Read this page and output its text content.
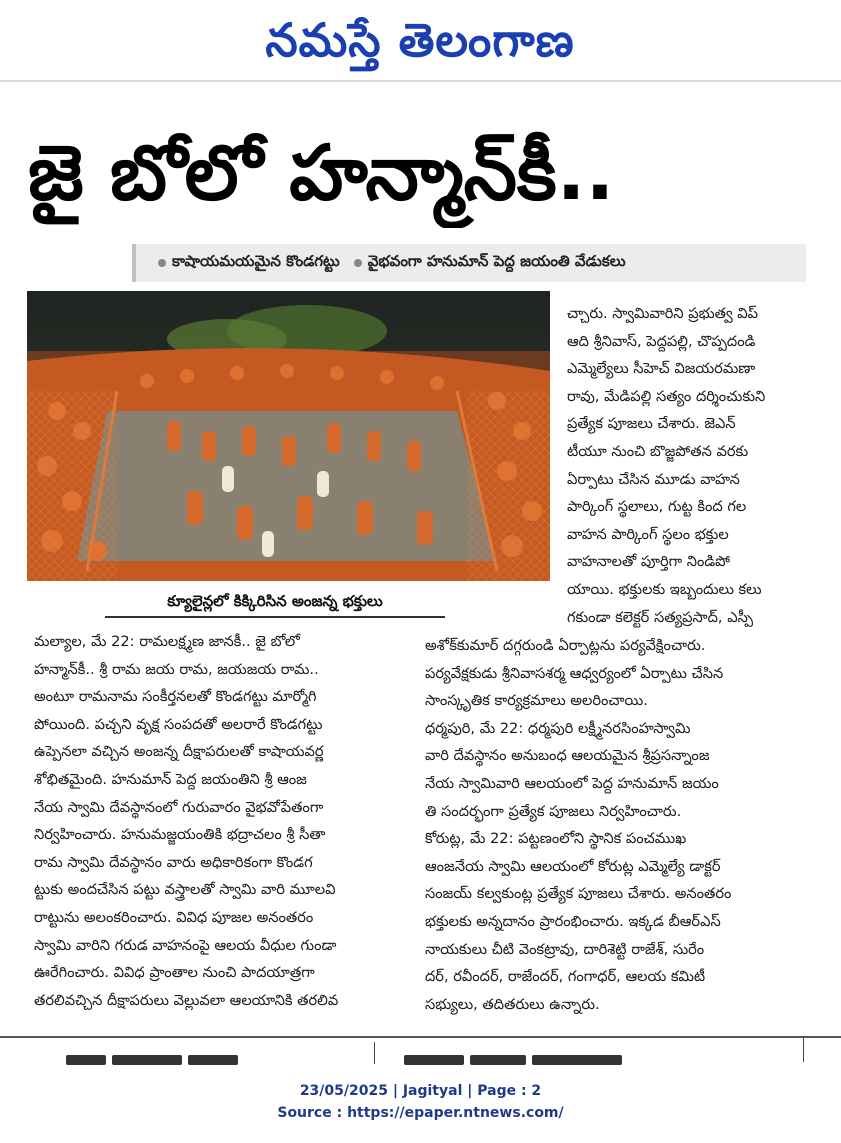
నమస్తే తెలంగాణ
జై బోలో హన్మాన్‌కీ..
కాషాయమయమైన కొండగట్టు వైభవంగా హనుమాన్ పెద్ద జయంతి వేడుకలు
క్యూలైన్లలో కిక్కిరిసిన అంజన్న భక్తులు
చ్చారు. స్వామివారిని ప్రభుత్వ విప్
ఆది శ్రీనివాస్, పెద్దపల్లి, చొప్పదండి
ఎమ్మెల్యేలు సీహెచ్ విజయరమణా
రావు, మేడిపల్లి సత్యం దర్శించుకుని
ప్రత్యేక పూజలు చేశారు. జెఎన్
టీయూ నుంచి బొజ్జపోతన వరకు
ఏర్పాటు చేసిన మూడు వాహన
పార్కింగ్ స్థలాలు, గుట్ట కింద గల
వాహన పార్కింగ్ స్థలం భక్తుల
వాహనాలతో పూర్తిగా నిండిపో
యాయి. భక్తులకు ఇబ్బందులు కలు
గకుండా కలెక్టర్ సత్యప్రసాద్, ఎస్పీ
మల్యాల, మే 22: రామలక్ష్మణ జానకీ.. జై బోలో
హన్మాన్‌కీ.. శ్రీ రామ జయ రామ, జయజయ రామ..
అంటూ రామనామ సంకీర్తనలతో కొండగట్టు మార్మోగి
పోయింది. పచ్చని వృక్ష సంపదతో అలరారే కొండగట్టు
ఉప్పెనలా వచ్చిన అంజన్న దీక్షాపరులతో కాషాయవర్ణ
శోభితమైంది. హనుమాన్ పెద్ద జయంతిని శ్రీ ఆంజ
నేయ స్వామి దేవస్థానంలో గురువారం వైభవోపేతంగా
నిర్వహించారు. హనుమజ్జయంతికి భద్రాచలం శ్రీ సీతా
రామ స్వామి దేవస్థానం వారు అధికారికంగా కొండగ
ట్టుకు అందచేసిన పట్టు వస్త్రాలతో స్వామి వారి మూలవి
రాట్టును అలంకరించారు. వివిధ పూజల అనంతరం
స్వామి వారిని గరుడ వాహనంపై ఆలయ వీధుల గుండా
ఊరేగించారు. వివిధ ప్రాంతాల నుంచి పాదయాత్రగా
తరలివచ్చిన దీక్షాపరులు వెల్లువలా ఆలయానికి తరలివ
అశోక్‌కుమార్ దగ్గరుండి ఏర్పాట్లను పర్యవేక్షించారు.
పర్యవేక్షకుడు శ్రీనివాసశర్మ ఆధ్వర్యంలో ఏర్పాటు చేసిన
సాంస్కృతిక కార్యక్రమాలు అలరించాయి.
ధర్మపురి, మే 22: ధర్మపురి లక్ష్మీనరసింహస్వామి
వారి దేవస్థానం అనుబంధ ఆలయమైన శ్రీప్రసన్నాంజ
నేయ స్వామివారి ఆలయంలో పెద్ద హనుమాన్ జయం
తి సందర్భంగా ప్రత్యేక పూజలు నిర్వహించారు.
కోరుట్ల, మే 22: పట్టణంలోని స్థానిక పంచముఖ
ఆంజనేయ స్వామి ఆలయంలో కోరుట్ల ఎమ్మెల్యే డాక్టర్
సంజయ్ కల్వకుంట్ల ప్రత్యేక పూజలు చేశారు. అనంతరం
భక్తులకు అన్నదానం ప్రారంభించారు. ఇక్కడ బీఆర్ఎస్
నాయకులు చీటి వెంకట్రావు, దారిశెట్టి రాజేశ్, సురేం
దర్, రవీందర్, రాజేందర్, గంగాధర్, ఆలయ కమిటీ
సభ్యులు, తదితరులు ఉన్నారు.
23/05/2025 | Jagityal | Page : 2
Source : https://epaper.ntnews.com/
